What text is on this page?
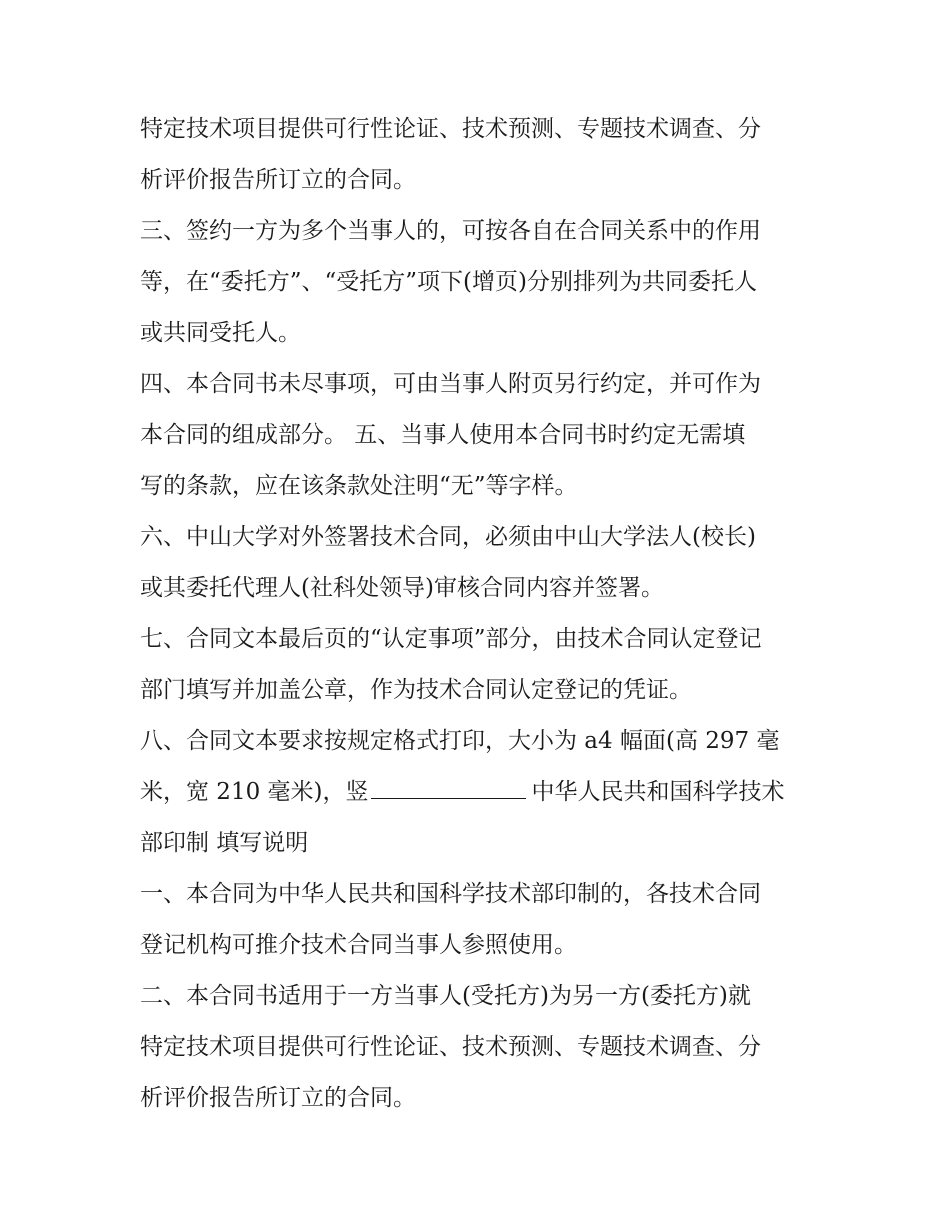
特定技术项目提供可行性论证、技术预测、专题技术调查、分
析评价报告所订立的合同。
三、签约一方为多个当事人的，可按各自在合同关系中的作用
等，在“委托方”、“受托方”项下(增页)分别排列为共同委托人
或共同受托人。
四、本合同书未尽事项，可由当事人附页另行约定，并可作为
本合同的组成部分。 五、当事人使用本合同书时约定无需填
写的条款，应在该条款处注明“无”等字样。
六、中山大学对外签署技术合同，必须由中山大学法人(校长)
或其委托代理人(社科处领导)审核合同内容并签署。
七、合同文本最后页的“认定事项”部分，由技术合同认定登记
部门填写并加盖公章，作为技术合同认定登记的凭证。
八、合同文本要求按规定格式打印，大小为 a4 幅面(高 297 毫
米，宽 210 毫米)，竖	中华人民共和国科学技术
部印制 填写说明
一、本合同为中华人民共和国科学技术部印制的，各技术合同
登记机构可推介技术合同当事人参照使用。
二、本合同书适用于一方当事人(受托方)为另一方(委托方)就
特定技术项目提供可行性论证、技术预测、专题技术调查、分
析评价报告所订立的合同。
